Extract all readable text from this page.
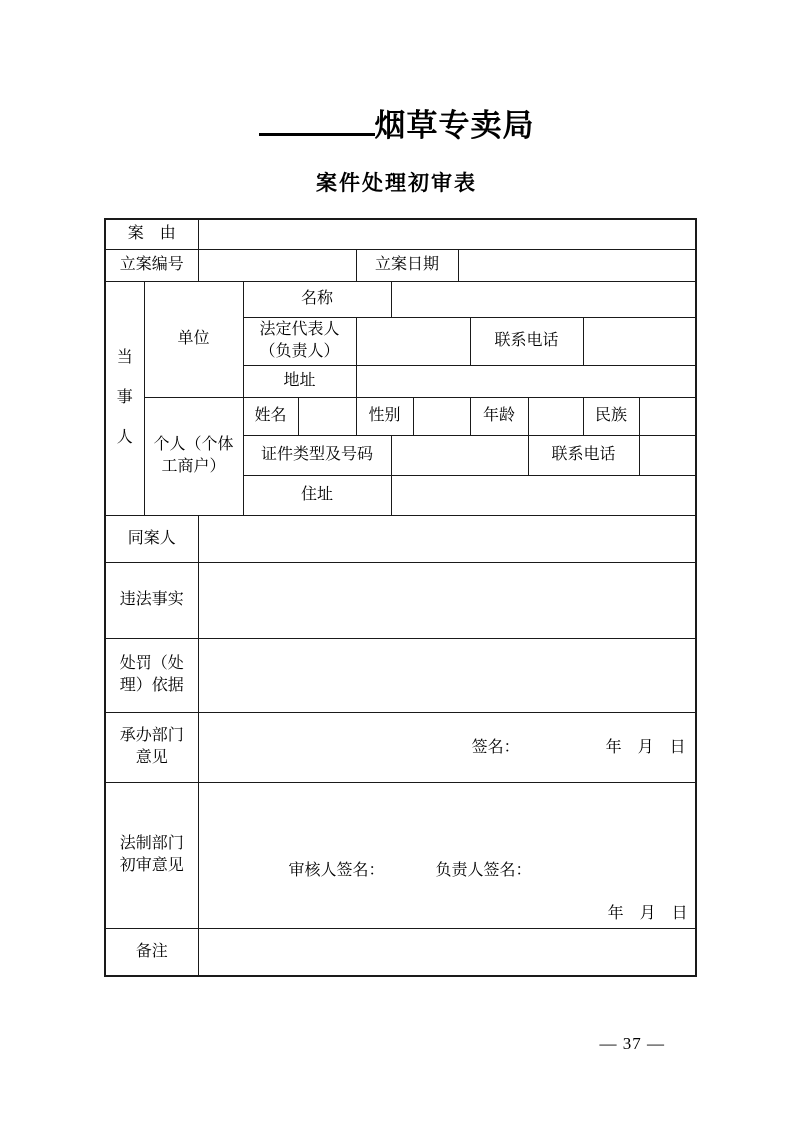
烟草专卖局
案件处理初审表
案　由												
立案编号					立案日期							
当事人	单位		名称									
			法定代表人（负责人）						联系电话			
			地址									
	个人（个体工商户）		姓名		性别				年龄		民族	
			证件类型及号码							联系电话		
			住址									
同案人												
违法事实												
处罚（处理）依据												
承办部门意见		签名： 年　月　日										

法制部门初审意见		审核人签名： 负责人签名：
年　月　日										

备注												
— 37 —
